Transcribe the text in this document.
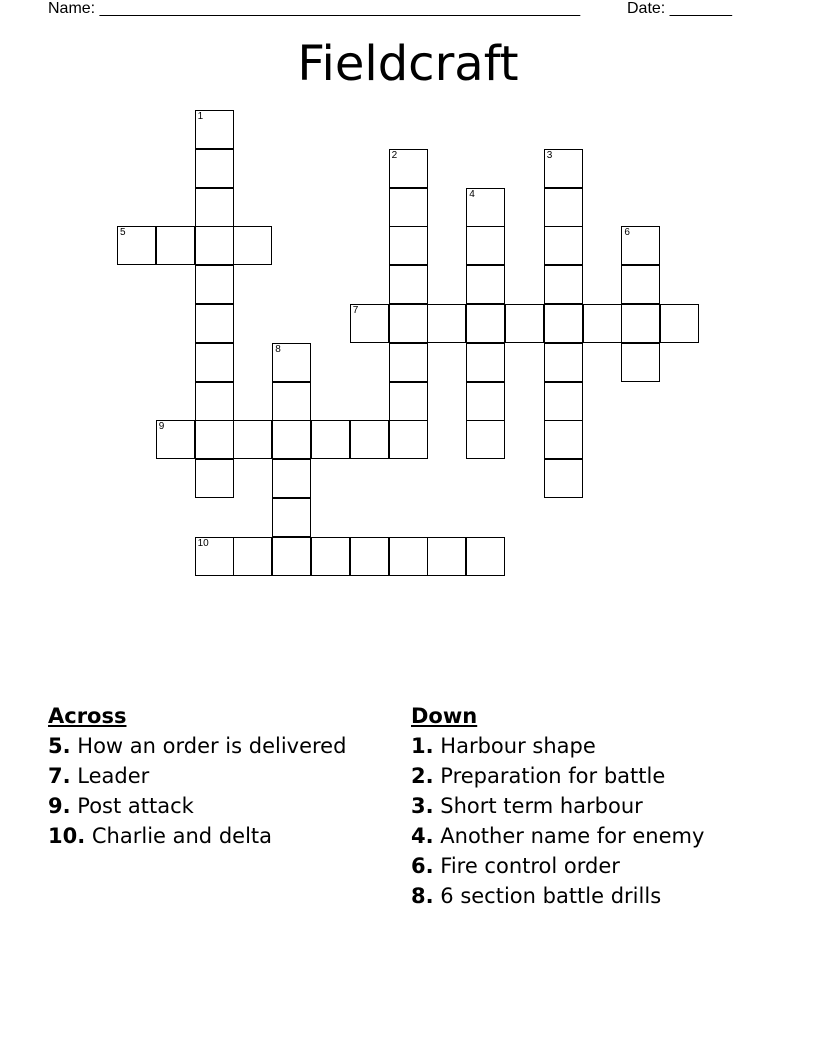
Name: ______________________________________________________	Date: _______
Fieldcraft
1
2	3
4
5	6
7
8
9
10
Across
5. How an order is delivered
7. Leader
9. Post attack
10. Charlie and delta
Down
1. Harbour shape
2. Preparation for battle
3. Short term harbour
4. Another name for enemy
6. Fire control order
8. 6 section battle drills
